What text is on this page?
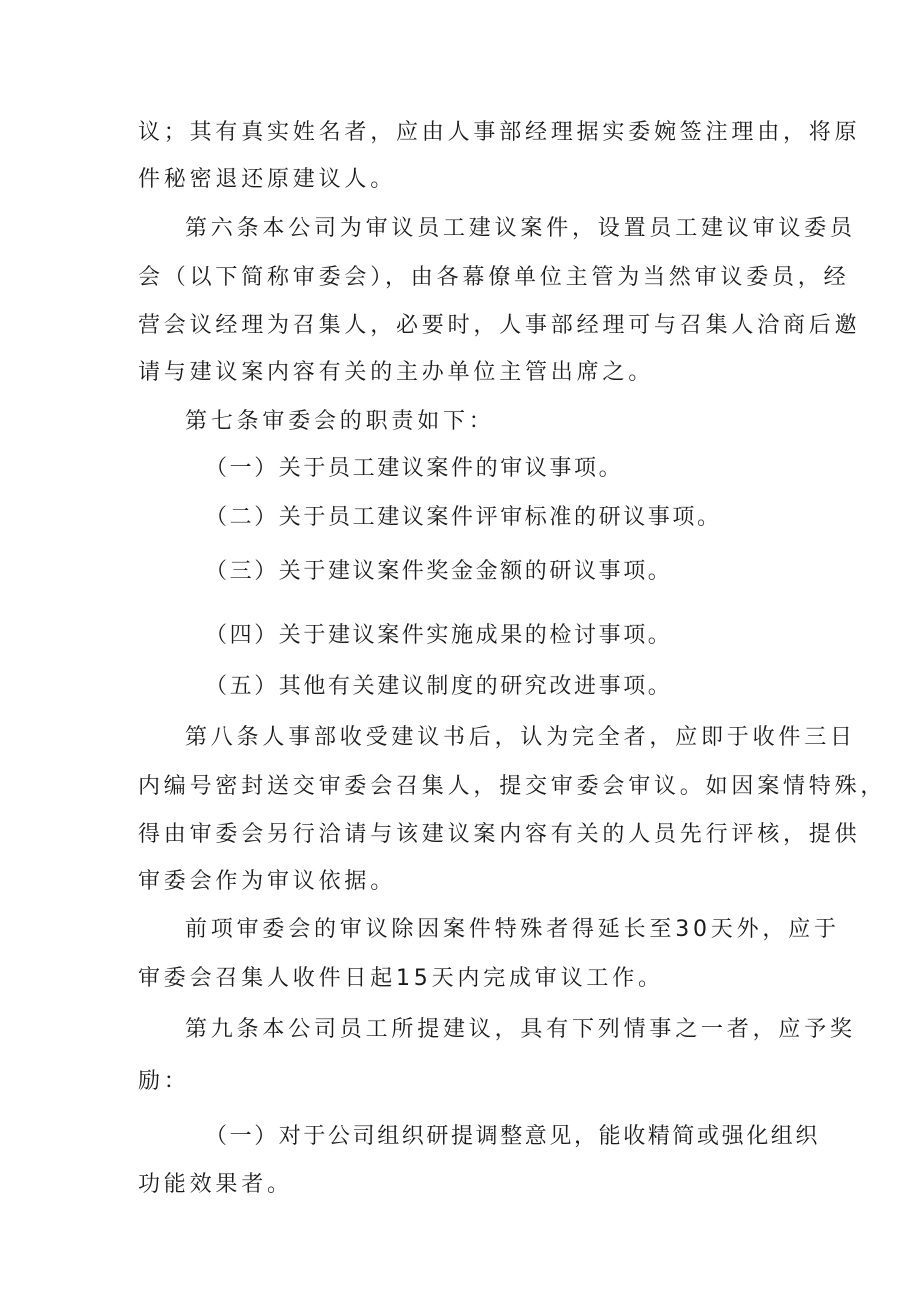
议；其有真实姓名者，应由人事部经理据实委婉签注理由，将原

件秘密退还原建议人。

第六条本公司为审议员工建议案件，设置员工建议审议委员

会（以下简称审委会），由各幕僚单位主管为当然审议委员，经

营会议经理为召集人，必要时，人事部经理可与召集人洽商后邀

请与建议案内容有关的主办单位主管出席之。

第七条审委会的职责如下：

（一）关于员工建议案件的审议事项。

（二）关于员工建议案件评审标准的研议事项。

（三）关于建议案件奖金金额的研议事项。

（四）关于建议案件实施成果的检讨事项。

（五）其他有关建议制度的研究改进事项。

第八条人事部收受建议书后，认为完全者，应即于收件三日

内编号密封送交审委会召集人，提交审委会审议。如因案情特殊，

得由审委会另行洽请与该建议案内容有关的人员先行评核，提供

审委会作为审议依据。

前项审委会的审议除因案件特殊者得延长至30天外，应于

审委会召集人收件日起15天内完成审议工作。

第九条本公司员工所提建议，具有下列情事之一者，应予奖

励：

（一）对于公司组织研提调整意见，能收精简或强化组织

功能效果者。
